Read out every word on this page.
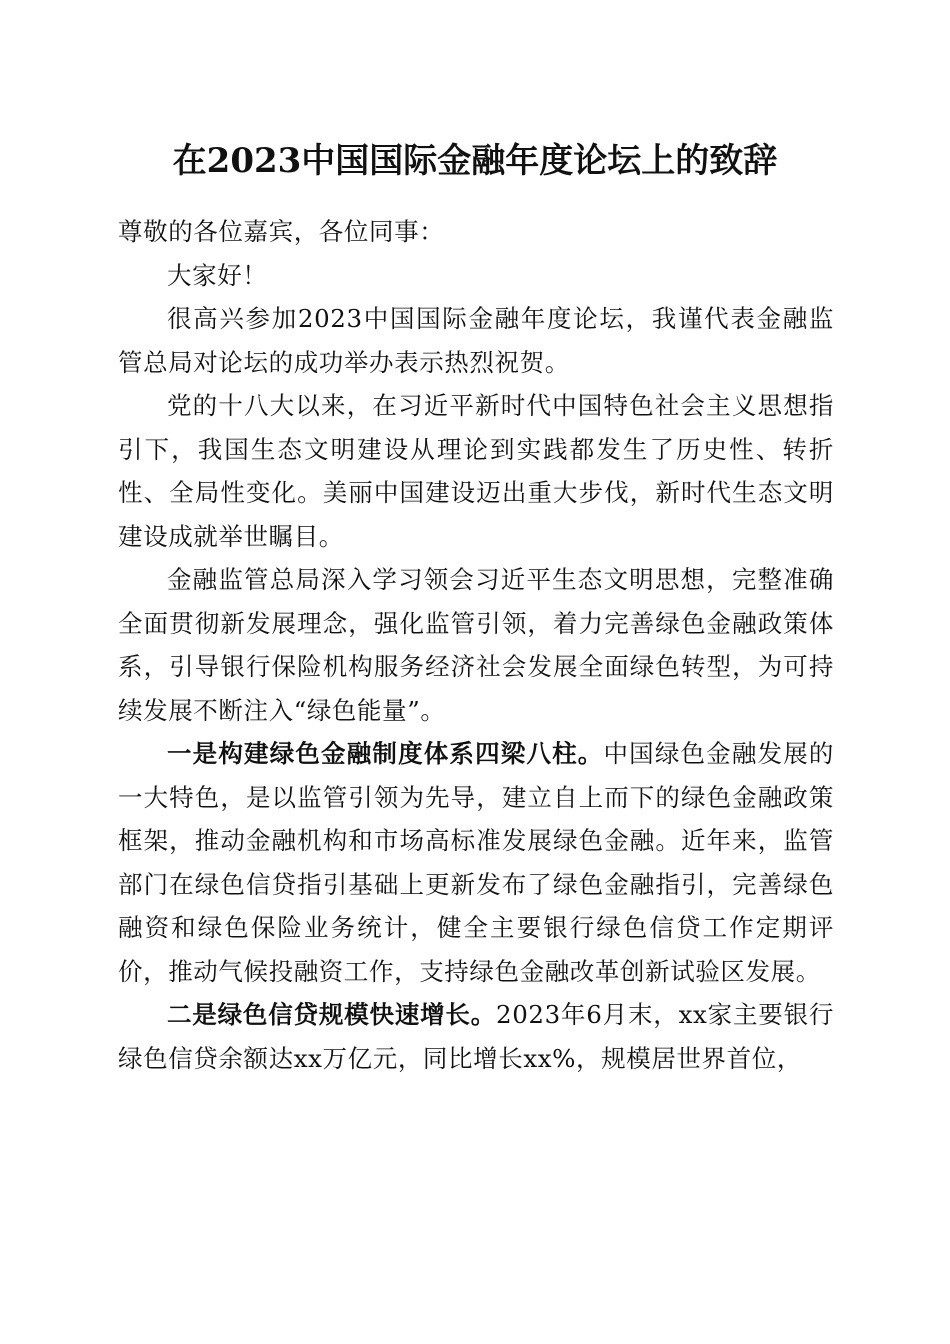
在2023中国国际金融年度论坛上的致辞

尊敬的各位嘉宾，各位同事：

大家好！

很高兴参加2023中国国际金融年度论坛，我谨代表金融监管总局对论坛的成功举办表示热烈祝贺。

党的十八大以来，在习近平新时代中国特色社会主义思想指引下，我国生态文明建设从理论到实践都发生了历史性、转折性、全局性变化。美丽中国建设迈出重大步伐，新时代生态文明建设成就举世瞩目。

金融监管总局深入学习领会习近平生态文明思想，完整准确全面贯彻新发展理念，强化监管引领，着力完善绿色金融政策体系，引导银行保险机构服务经济社会发展全面绿色转型，为可持续发展不断注入“绿色能量”。

一是构建绿色金融制度体系四梁八柱。中国绿色金融发展的一大特色，是以监管引领为先导，建立自上而下的绿色金融政策框架，推动金融机构和市场高标准发展绿色金融。近年来，监管部门在绿色信贷指引基础上更新发布了绿色金融指引，完善绿色融资和绿色保险业务统计，健全主要银行绿色信贷工作定期评价，推动气候投融资工作，支持绿色金融改革创新试验区发展。

二是绿色信贷规模快速增长。2023年6月末，xx家主要银行绿色信贷余额达xx万亿元，同比增长xx%，规模居世界首位，
